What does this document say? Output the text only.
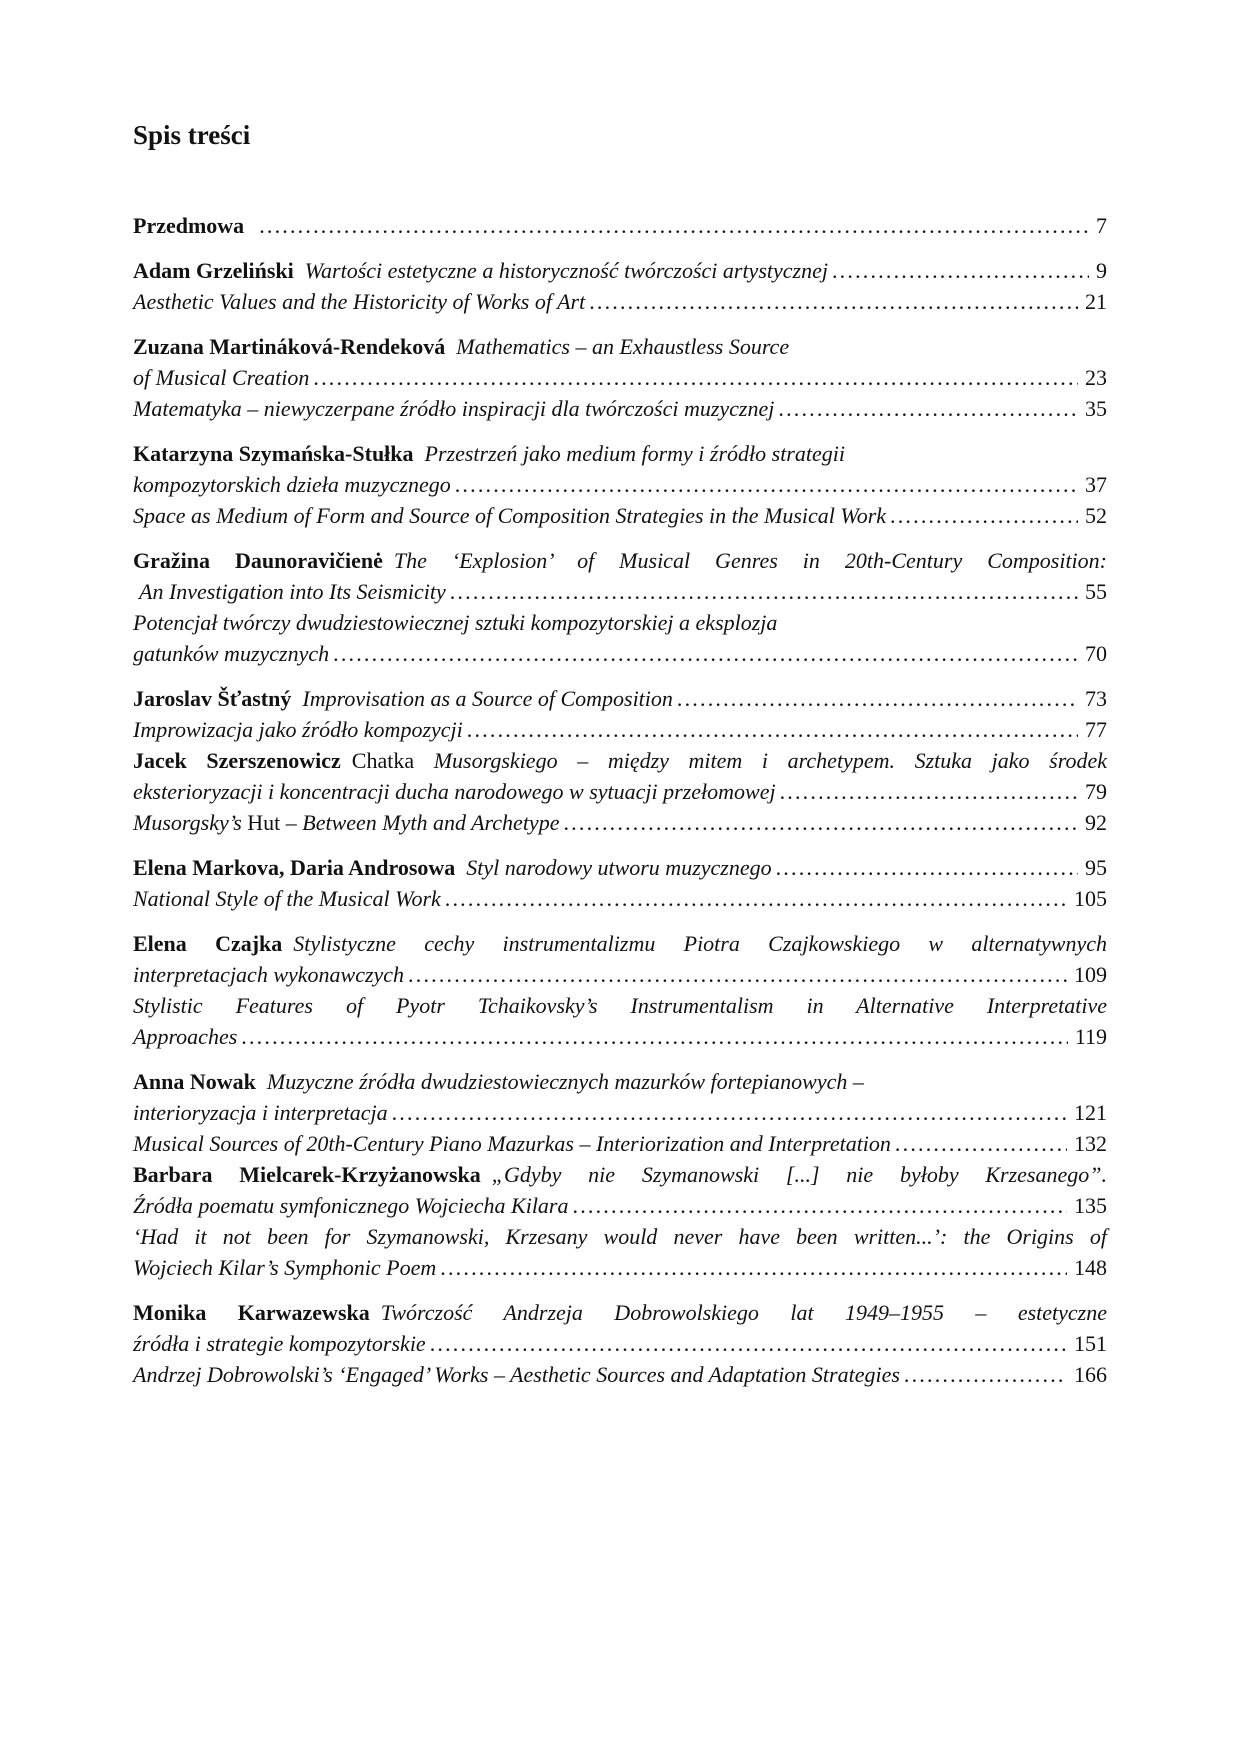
Spis treści
Przedmowa .....	7
Adam Grzeliński Wartości estetyczne a historyczność twórczości artystycznej .....	9
Aesthetic Values and the Historicity of Works of Art .....	21
Zuzana Martináková-Rendeková Mathematics – an Exhaustless Source
of Musical Creation .....	23
Matematyka – niewyczerpane źródło inspiracji dla twórczości muzycznej .....	35
Katarzyna Szymańska-Stułka Przestrzeń jako medium formy i źródło strategii
kompozytorskich dzieła muzycznego .....	37
Space as Medium of Form and Source of Composition Strategies in the Musical Work .....	52
Gražina Daunoravičienė The ‘Explosion’ of Musical Genres in 20th-Century Composition:
An Investigation into Its Seismicity .....	55
Potencjał twórczy dwudziestowiecznej sztuki kompozytorskiej a eksplozja
gatunków muzycznych .....	70
Jaroslav Šťastný Improvisation as a Source of Composition .....	73
Improwizacja jako źródło kompozycji .....	77
Jacek Szerszenowicz Chatka Musorgskiego – między mitem i archetypem. Sztuka jako środek
eksterioryzacji i koncentracji ducha narodowego w sytuacji przełomowej .....	79
Musorgsky’s Hut – Between Myth and Archetype .....	92
Elena Markova, Daria Androsowa Styl narodowy utworu muzycznego .....	95
National Style of the Musical Work .....	105
Elena Czajka Stylistyczne cechy instrumentalizmu Piotra Czajkowskiego w alternatywnych
interpretacjach wykonawczych .....	109
Stylistic Features of Pyotr Tchaikovsky’s Instrumentalism in Alternative Interpretative
Approaches .....	119
Anna Nowak Muzyczne źródła dwudziestowiecznych mazurków fortepianowych –
interioryzacja i interpretacja .....	121
Musical Sources of 20th-Century Piano Mazurkas – Interiorization and Interpretation .....	132
Barbara Mielcarek-Krzyżanowska „Gdyby nie Szymanowski [...] nie byłoby Krzesanego”.
Źródła poematu symfonicznego Wojciecha Kilara .....	135
‘Had it not been for Szymanowski, Krzesany would never have been written...’: the Origins of
Wojciech Kilar’s Symphonic Poem .....	148
Monika Karwazewska Twórczość Andrzeja Dobrowolskiego lat 1949–1955 – estetyczne
źródła i strategie kompozytorskie .....	151
Andrzej Dobrowolski’s ‘Engaged’ Works – Aesthetic Sources and Adaptation Strategies .....	166
